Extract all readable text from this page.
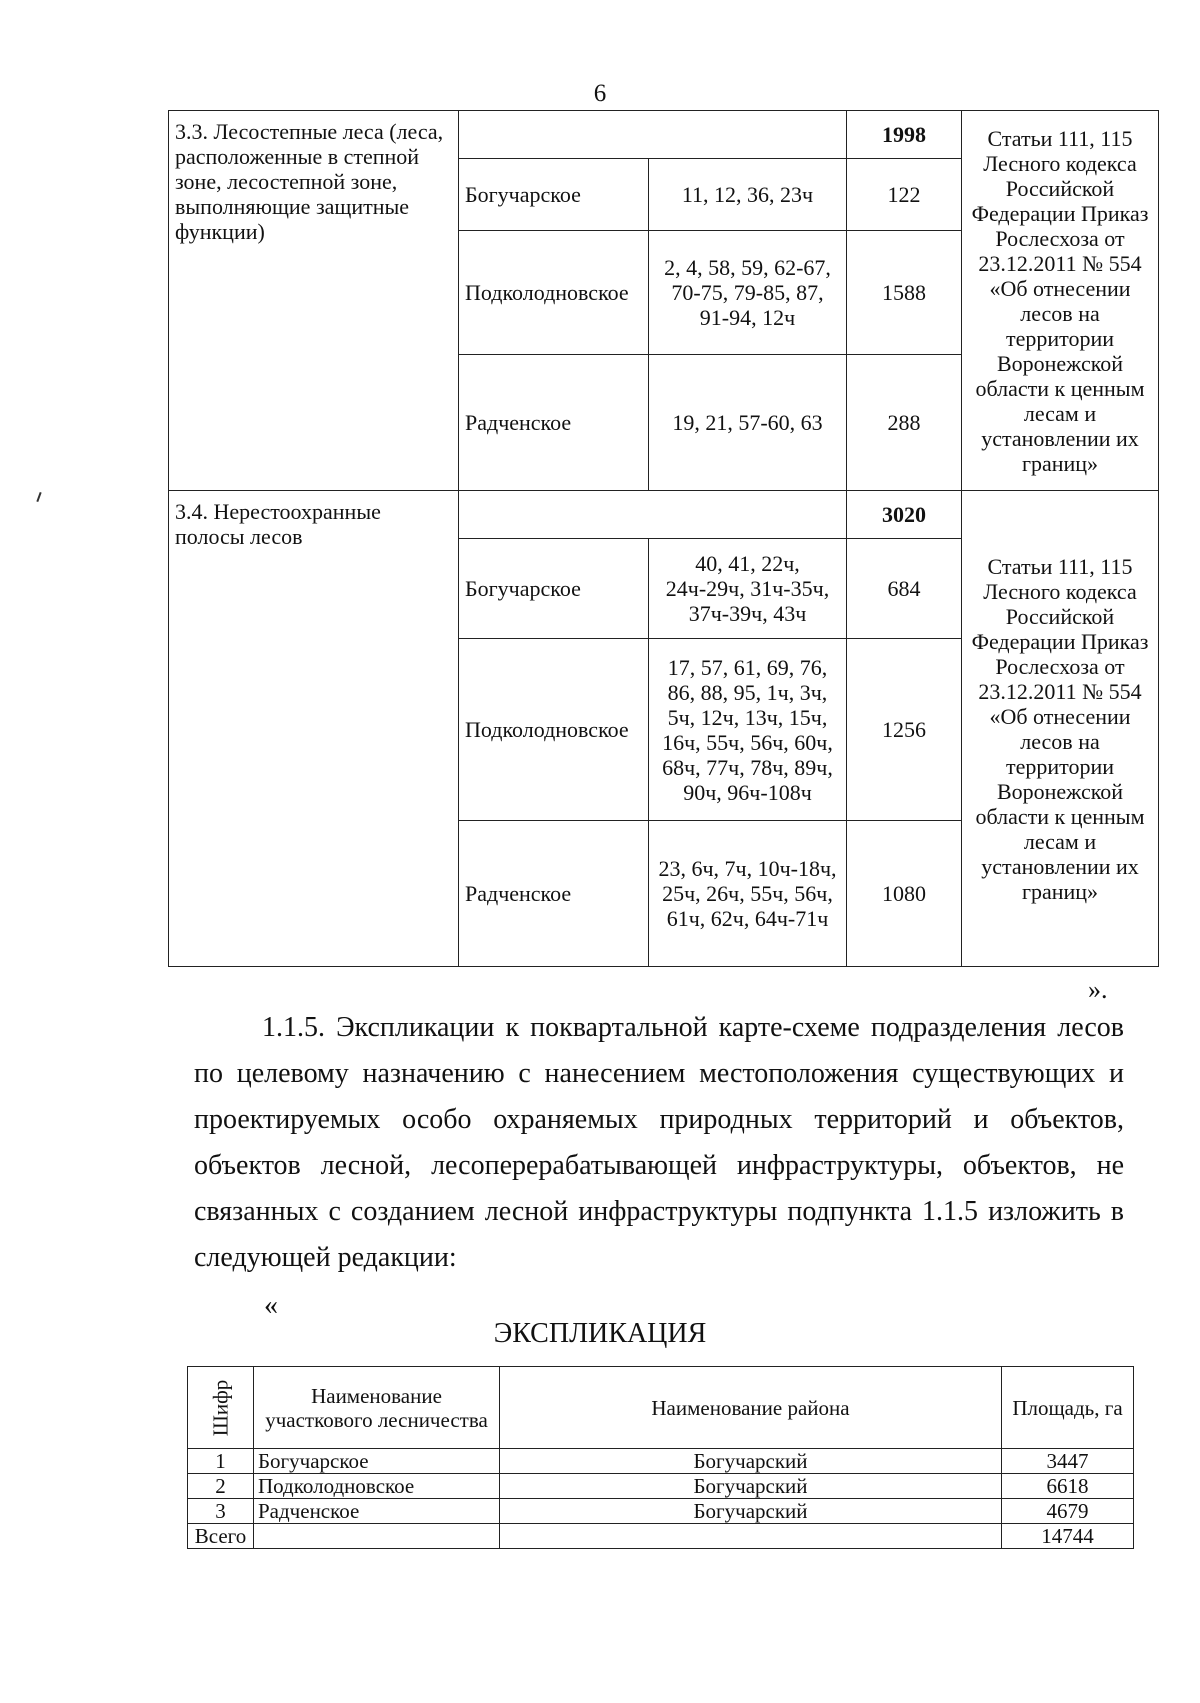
6
3.3. Лесостепные леса (леса, расположенные в степной зоне, лесостепной зоне, выполняющие защитные функции)			1998	Статьи 111, 115 Лесного кодекса Российской Федерации Приказ Рослесхоза от 23.12.2011 № 554 «Об отнесении лесов на территории Воронежской области к ценным лесам и установлении их границ»
	Богучарское	11, 12, 36, 23ч	122	
	Подколодновское	2, 4, 58, 59, 62-67, 70-75, 79-85, 87, 91-94, 12ч	1588	
	Радченское	19, 21, 57-60, 63	288	
3.4. Нерестоохранные полосы лесов			3020	Статьи 111, 115 Лесного кодекса Российской Федерации Приказ Рослесхоза от 23.12.2011 № 554 «Об отнесении лесов на территории Воронежской области к ценным лесам и установлении их границ»
	Богучарское	40, 41, 22ч, 24ч-29ч, 31ч-35ч, 37ч-39ч, 43ч	684	
	Подколодновское	17, 57, 61, 69, 76, 86, 88, 95, 1ч, 3ч, 5ч, 12ч, 13ч, 15ч, 16ч, 55ч, 56ч, 60ч, 68ч, 77ч, 78ч, 89ч, 90ч, 96ч-108ч	1256	
	Радченское	23, 6ч, 7ч, 10ч-18ч, 25ч, 26ч, 55ч, 56ч, 61ч, 62ч, 64ч-71ч	1080	
».

1.1.5. Экспликации к поквартальной карте-схеме подразделения лесов по целевому назначению с нанесением местоположения существующих и проектируемых особо охраняемых природных территорий и объектов, объектов лесной, лесоперерабатывающей инфраструктуры, объектов, не связанных с созданием лесной инфраструктуры подпункта 1.1.5 изложить в следующей редакции:

«
ЭКСПЛИКАЦИЯ
Шифр	Наименование участкового лесничества	Наименование района	Площадь, га
1	Богучарское	Богучарский	3447
2	Подколодновское	Богучарский	6618
3	Радченское	Богучарский	4679
Всего			14744
